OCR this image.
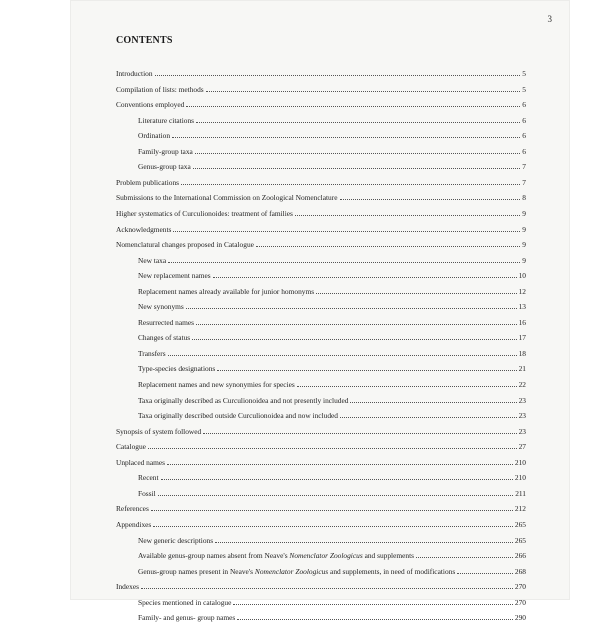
3
CONTENTS
Introduction	5
Compilation of lists: methods	5
Conventions employed	6
Literature citations	6
Ordination	6
Family-group taxa	6
Genus-group taxa	7
Problem publications	7
Submissions to the International Commission on Zoological Nomenclature	8
Higher systematics of Curculionoides: treatment of families	9
Acknowledgments	9
Nomenclatural changes proposed in Catalogue	9
New taxa	9
New replacement names	10
Replacement names already available for junior homonyms	12
New synonyms	13
Resurrected names	16
Changes of status	17
Transfers	18
Type-species designations	21
Replacement names and new synonymies for species	22
Taxa originally described as Curculionoidea and not presently included	23
Taxa originally described outside Curculionoidea and now included	23
Synopsis of system followed	23
Catalogue	27
Unplaced names	210
Recent	210
Fossil	211
References	212
Appendixes	265
New generic descriptions	265
Available genus-group names absent from Neave's Nomenclator Zoologicus and supplements	266
Genus-group names present in Neave's Nomenclator Zoologicus and supplements, in need of modifications	268
Indexes	270
Species mentioned in catalogue	270
Family- and genus- group names	290
